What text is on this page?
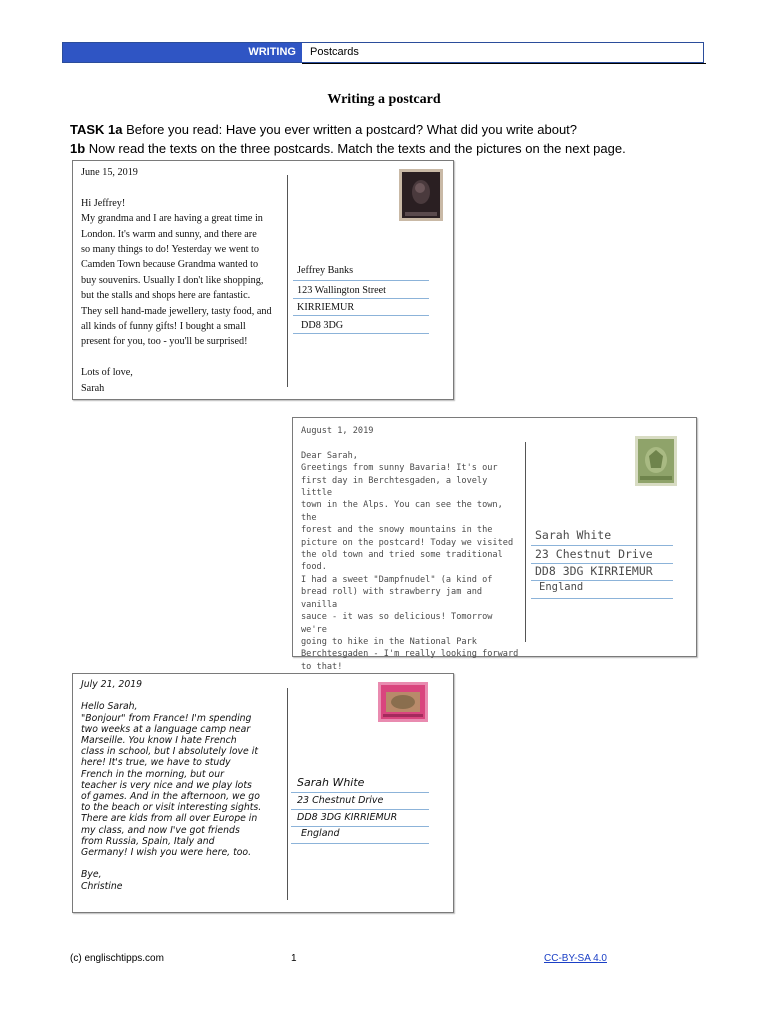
WRITING	Postcards
Writing a postcard
TASK 1a Before you read: Have you ever written a postcard? What did you write about?
1b Now read the texts on the three postcards. Match the texts and the pictures on the next page.
June 15, 2019

Hi Jeffrey!
My grandma and I are having a great time in
London. It's warm and sunny, and there are
so many things to do! Yesterday we went to
Camden Town because Grandma wanted to
buy souvenirs. Usually I don't like shopping,
but the stalls and shops here are fantastic.
They sell hand-made jewellery, tasty food, and
all kinds of funny gifts! I bought a small
present for you, too - you'll be surprised!

Lots of love,
Sarah
Jeffrey Banks
123 Wallington Street
KIRRIEMUR
DD8 3DG
August 1, 2019

Dear Sarah,
Greetings from sunny Bavaria! It's our
first day in Berchtesgaden, a lovely little
town in the Alps. You can see the town, the
forest and the snowy mountains in the
picture on the postcard! Today we visited
the old town and tried some traditional food.
I had a sweet "Dampfnudel" (a kind of
bread roll) with strawberry jam and vanilla
sauce - it was so delicious! Tomorrow we're
going to hike in the National Park
Berchtesgaden - I'm really looking forward
to that!

Sarah White
23 Chestnut Drive
DD8 3DG KIRRIEMUR
England
July 21, 2019

Hello Sarah,
"Bonjour" from France! I'm spending
two weeks at a language camp near
Marseille. You know I hate French
class in school, but I absolutely love it
here! It's true, we have to study
French in the morning, but our
teacher is very nice and we play lots
of games. And in the afternoon, we go
to the beach or visit interesting sights.
There are kids from all over Europe in
my class, and now I've got friends
from Russia, Spain, Italy and
Germany! I wish you were here, too.

Bye,
Christine
Sarah White
23 Chestnut Drive
DD8 3DG KIRRIEMUR
England
(c) englischtipps.com	1	CC-BY-SA 4.0
